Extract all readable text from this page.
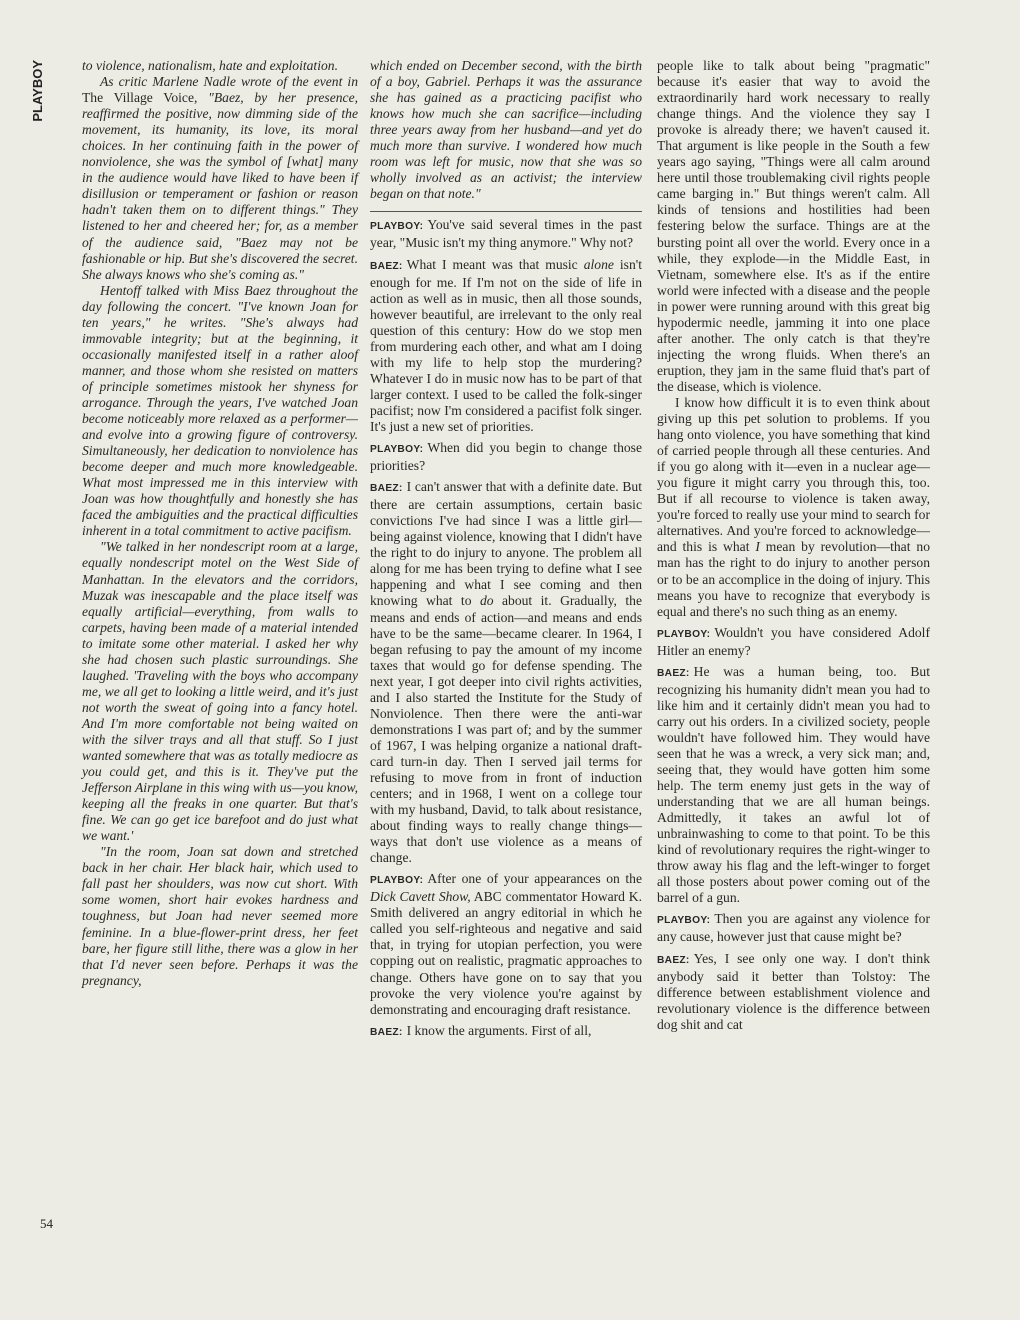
PLAYBOY
54

to violence, nationalism, hate and exploitation.

As critic Marlene Nadle wrote of the event in The Village Voice, "Baez, by her presence, reaffirmed the positive, now dimming side of the movement, its humanity, its love, its moral choices. In her continuing faith in the power of nonviolence, she was the symbol of [what] many in the audience would have liked to have been if disillusion or temperament or fashion or reason hadn't taken them on to different things." They listened to her and cheered her; for, as a member of the audience said, "Baez may not be fashionable or hip. But she's discovered the secret. She always knows who she's coming as."

Hentoff talked with Miss Baez throughout the day following the concert. "I've known Joan for ten years," he writes. "She's always had immovable integrity; but at the beginning, it occasionally manifested itself in a rather aloof manner, and those whom she resisted on matters of principle sometimes mistook her shyness for arrogance. Through the years, I've watched Joan become noticeably more relaxed as a performer—and evolve into a growing figure of controversy. Simultaneously, her dedication to nonviolence has become deeper and much more knowledgeable. What most impressed me in this interview with Joan was how thoughtfully and honestly she has faced the ambiguities and the practical difficulties inherent in a total commitment to active pacifism.

"We talked in her nondescript room at a large, equally nondescript motel on the West Side of Manhattan. In the elevators and the corridors, Muzak was inescapable and the place itself was equally artificial—everything, from walls to carpets, having been made of a material intended to imitate some other material. I asked her why she had chosen such plastic surroundings. She laughed. 'Traveling with the boys who accompany me, we all get to looking a little weird, and it's just not worth the sweat of going into a fancy hotel. And I'm more comfortable not being waited on with the silver trays and all that stuff. So I just wanted somewhere that was as totally mediocre as you could get, and this is it. They've put the Jefferson Airplane in this wing with us—you know, keeping all the freaks in one quarter. But that's fine. We can go get ice barefoot and do just what we want.'

"In the room, Joan sat down and stretched back in her chair. Her black hair, which used to fall past her shoulders, was now cut short. With some women, short hair evokes hardness and toughness, but Joan had never seemed more feminine. In a blue-flower-print dress, her feet bare, her figure still lithe, there was a glow in her that I'd never seen before. Perhaps it was the pregnancy,

which ended on December second, with the birth of a boy, Gabriel. Perhaps it was the assurance she has gained as a practicing pacifist who knows how much she can sacrifice—including three years away from her husband—and yet do much more than survive. I wondered how much room was left for music, now that she was so wholly involved as an activist; the interview began on that note."

PLAYBOY: You've said several times in the past year, "Music isn't my thing anymore." Why not?

BAEZ: What I meant was that music alone isn't enough for me. If I'm not on the side of life in action as well as in music, then all those sounds, however beautiful, are irrelevant to the only real question of this century: How do we stop men from murdering each other, and what am I doing with my life to help stop the murdering? Whatever I do in music now has to be part of that larger context. I used to be called the folk-singer pacifist; now I'm considered a pacifist folk singer. It's just a new set of priorities.

PLAYBOY: When did you begin to change those priorities?

BAEZ: I can't answer that with a definite date. But there are certain assumptions, certain basic convictions I've had since I was a little girl—being against violence, knowing that I didn't have the right to do injury to anyone. The problem all along for me has been trying to define what I see happening and what I see coming and then knowing what to do about it. Gradually, the means and ends of action—and means and ends have to be the same—became clearer. In 1964, I began refusing to pay the amount of my income taxes that would go for defense spending. The next year, I got deeper into civil rights activities, and I also started the Institute for the Study of Nonviolence. Then there were the anti-war demonstrations I was part of; and by the summer of 1967, I was helping organize a national draft-card turn-in day. Then I served jail terms for refusing to move from in front of induction centers; and in 1968, I went on a college tour with my husband, David, to talk about resistance, about finding ways to really change things—ways that don't use violence as a means of change.

PLAYBOY: After one of your appearances on the Dick Cavett Show, ABC commentator Howard K. Smith delivered an angry editorial in which he called you self-righteous and negative and said that, in trying for utopian perfection, you were copping out on realistic, pragmatic approaches to change. Others have gone on to say that you provoke the very violence you're against by demonstrating and encouraging draft resistance.

BAEZ: I know the arguments. First of all,

people like to talk about being "pragmatic" because it's easier that way to avoid the extraordinarily hard work necessary to really change things. And the violence they say I provoke is already there; we haven't caused it. That argument is like people in the South a few years ago saying, "Things were all calm around here until those troublemaking civil rights people came barging in." But things weren't calm. All kinds of tensions and hostilities had been festering below the surface. Things are at the bursting point all over the world. Every once in a while, they explode—in the Middle East, in Vietnam, somewhere else. It's as if the entire world were infected with a disease and the people in power were running around with this great big hypodermic needle, jamming it into one place after another. The only catch is that they're injecting the wrong fluids. When there's an eruption, they jam in the same fluid that's part of the disease, which is violence.

I know how difficult it is to even think about giving up this pet solution to problems. If you hang onto violence, you have something that kind of carried people through all these centuries. And if you go along with it—even in a nuclear age—you figure it might carry you through this, too. But if all recourse to violence is taken away, you're forced to really use your mind to search for alternatives. And you're forced to acknowledge—and this is what I mean by revolution—that no man has the right to do injury to another person or to be an accomplice in the doing of injury. This means you have to recognize that everybody is equal and there's no such thing as an enemy.

PLAYBOY: Wouldn't you have considered Adolf Hitler an enemy?

BAEZ: He was a human being, too. But recognizing his humanity didn't mean you had to like him and it certainly didn't mean you had to carry out his orders. In a civilized society, people wouldn't have followed him. They would have seen that he was a wreck, a very sick man; and, seeing that, they would have gotten him some help. The term enemy just gets in the way of understanding that we are all human beings. Admittedly, it takes an awful lot of unbrainwashing to come to that point. To be this kind of revolutionary requires the right-winger to throw away his flag and the left-winger to forget all those posters about power coming out of the barrel of a gun.

PLAYBOY: Then you are against any violence for any cause, however just that cause might be?

BAEZ: Yes, I see only one way. I don't think anybody said it better than Tolstoy: The difference between establishment violence and revolutionary violence is the difference between dog shit and cat
